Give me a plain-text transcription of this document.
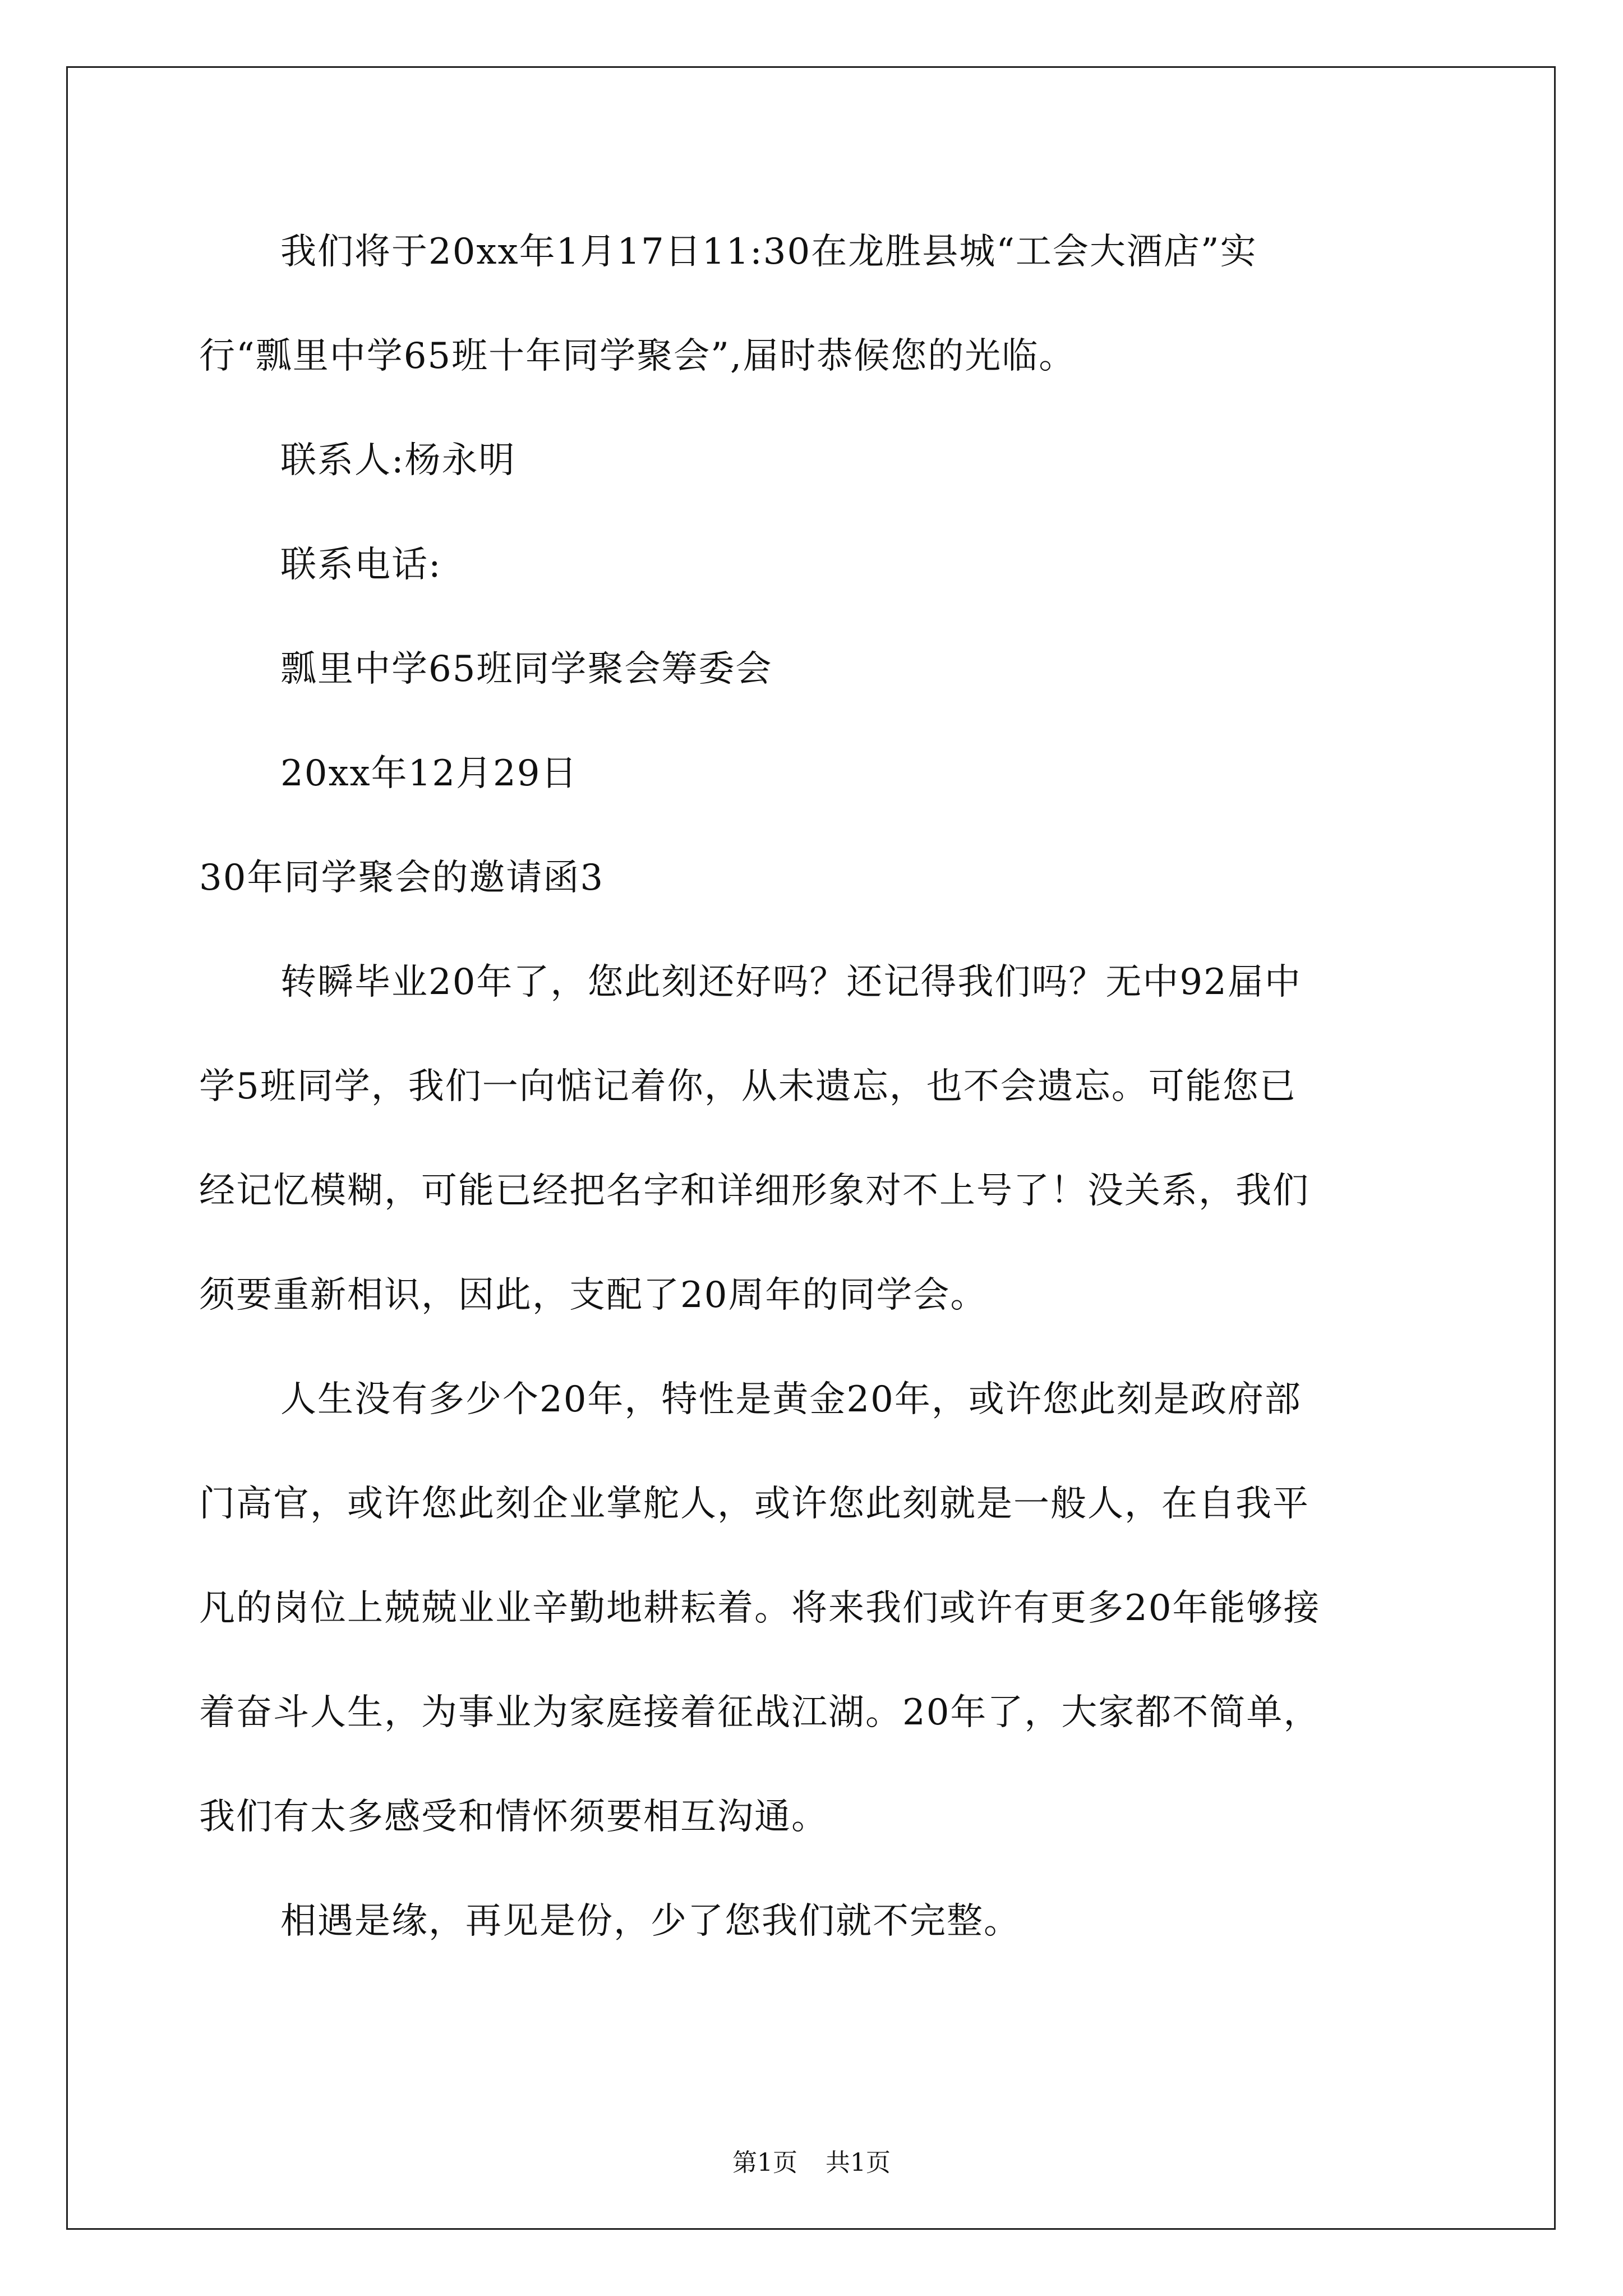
我们将于20xx年1月17日11:30在龙胜县城“工会大酒店”实
行“瓢里中学65班十年同学聚会”,届时恭候您的光临。
联系人:杨永明
联系电话:
瓢里中学65班同学聚会筹委会
20xx年12月29日
30年同学聚会的邀请函3
转瞬毕业20年了，您此刻还好吗？还记得我们吗？无中92届中
学5班同学，我们一向惦记着你，从未遗忘，也不会遗忘。可能您已
经记忆模糊，可能已经把名字和详细形象对不上号了！没关系，我们
须要重新相识，因此，支配了20周年的同学会。
人生没有多少个20年，特性是黄金20年，或许您此刻是政府部
门高官，或许您此刻企业掌舵人，或许您此刻就是一般人，在自我平
凡的岗位上兢兢业业辛勤地耕耘着。将来我们或许有更多20年能够接
着奋斗人生，为事业为家庭接着征战江湖。20年了，大家都不简单，
我们有太多感受和情怀须要相互沟通。
相遇是缘，再见是份，少了您我们就不完整。
第1页 共1页
